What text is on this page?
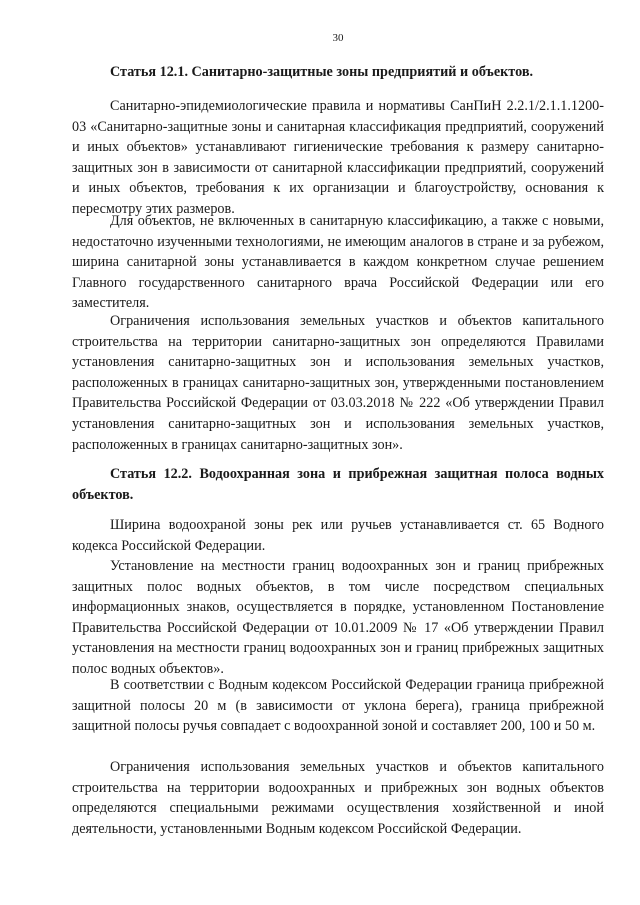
30
Статья 12.1. Санитарно-защитные зоны предприятий и объектов.

Санитарно-эпидемиологические правила и нормативы СанПиН 2.2.1/2.1.1.1200-03 «Санитарно-защитные зоны и санитарная классификация предприятий, сооружений и иных объектов» устанавливают гигиенические требования к размеру санитарно-защитных зон в зависимости от санитарной классификации предприятий, сооружений и иных объектов, требования к их организации и благоустройству, основания к пересмотру этих размеров.

Для объектов, не включенных в санитарную классификацию, а также с новыми, недостаточно изученными технологиями, не имеющим аналогов в стране и за рубежом, ширина санитарной зоны устанавливается в каждом конкретном случае решением Главного государственного санитарного врача Российской Федерации или его заместителя.

Ограничения использования земельных участков и объектов капитального строительства на территории санитарно-защитных зон определяются Правилами установления санитарно-защитных зон и использования земельных участков, расположенных в границах санитарно-защитных зон, утвержденными постановлением Правительства Российской Федерации от 03.03.2018 № 222 «Об утверждении Правил установления санитарно-защитных зон и использования земельных участков, расположенных в границах санитарно-защитных зон».

Статья 12.2. Водоохранная зона и прибрежная защитная полоса водных объектов.

Ширина водоохраной зоны рек или ручьев устанавливается ст. 65 Водного кодекса Российской Федерации.

Установление на местности границ водоохранных зон и границ прибрежных защитных полос водных объектов, в том числе посредством специальных информационных знаков, осуществляется в порядке, установленном Постановление Правительства Российской Федерации от 10.01.2009 № 17 «Об утверждении Правил установления на местности границ водоохранных зон и границ прибрежных защитных полос водных объектов».

В соответствии с Водным кодексом Российской Федерации граница прибрежной защитной полосы 20 м (в зависимости от уклона берега), граница прибрежной защитной полосы ручья совпадает с водоохранной зоной и составляет 200, 100 и 50 м.

Ограничения использования земельных участков и объектов капитального строительства на территории водоохранных и прибрежных зон водных объектов определяются специальными режимами осуществления хозяйственной и иной деятельности, установленными Водным кодексом Российской Федерации.
